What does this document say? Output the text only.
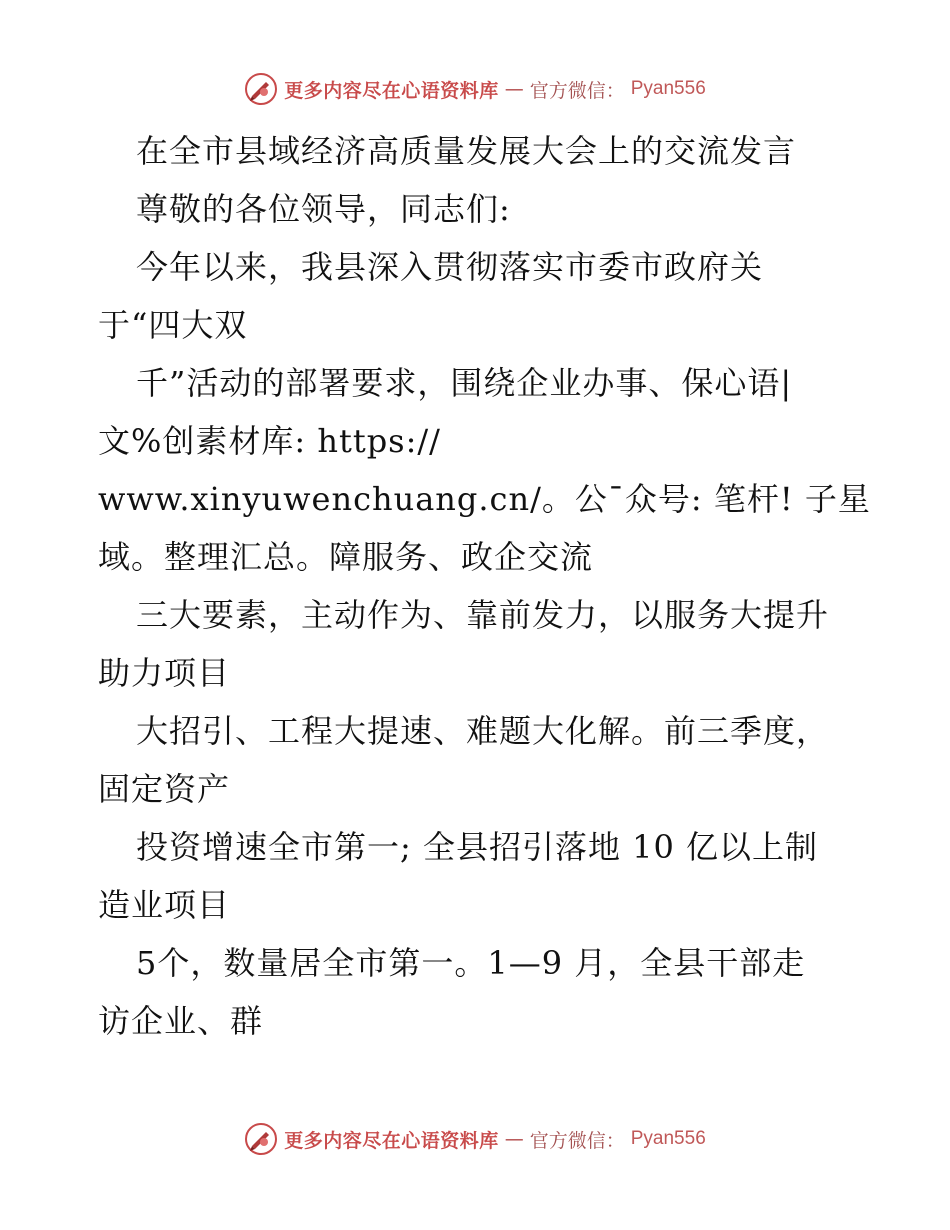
更多内容尽在心语资料库 — 官方微信： Pyan556
在全市县域经济高质量发展大会上的交流发言
尊敬的各位领导，同志们:
今年以来，我县深入贯彻落实市委市政府关
于“四大双
千”活动的部署要求，围绕企业办事、保心语|
文%创素材库: https://
www.xinyuwenchuang.cn/。公¯众号: 笔杆! 子星
域。整理汇总。障服务、政企交流
三大要素，主动作为、靠前发力，以服务大提升
助力项目
大招引、工程大提速、难题大化解。前三季度，
固定资产
投资增速全市第一; 全县招引落地 10 亿以上制
造业项目
5个，数量居全市第一。1—9 月，全县干部走
访企业、群
更多内容尽在心语资料库 — 官方微信： Pyan556
